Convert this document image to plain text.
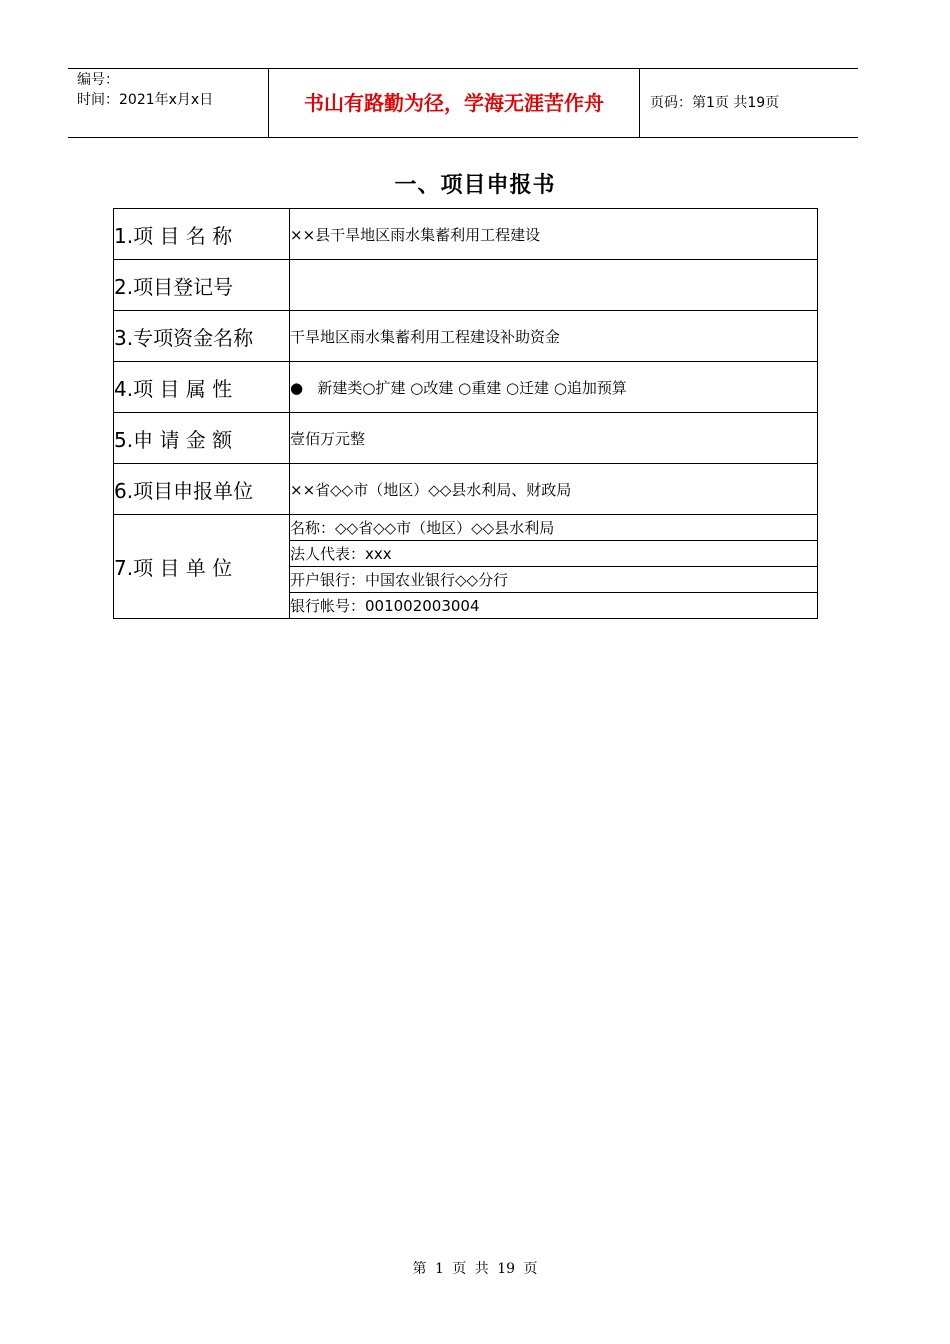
编号：
时间：2021年x月x日	书山有路勤为径，学海无涯苦作舟	页码：第1页 共19页
一、项目申报书
1.项 目 名 称	××县干旱地区雨水集蓄利用工程建设
2.项目登记号	
3.专项资金名称	干旱地区雨水集蓄利用工程建设补助资金
4.项 目 属 性	●   新建类○扩建 ○改建 ○重建 ○迁建 ○追加预算
5.申 请 金 额	壹佰万元整
6.项目申报单位	××省◇◇市（地区）◇◇县水利局、财政局
7.项 目 单 位	名称：◇◇省◇◇市（地区）◇◇县水利局
	法人代表：xxx
	开户银行：中国农业银行◇◇分行
	银行帐号：001002003004
第 1 页 共 19 页
